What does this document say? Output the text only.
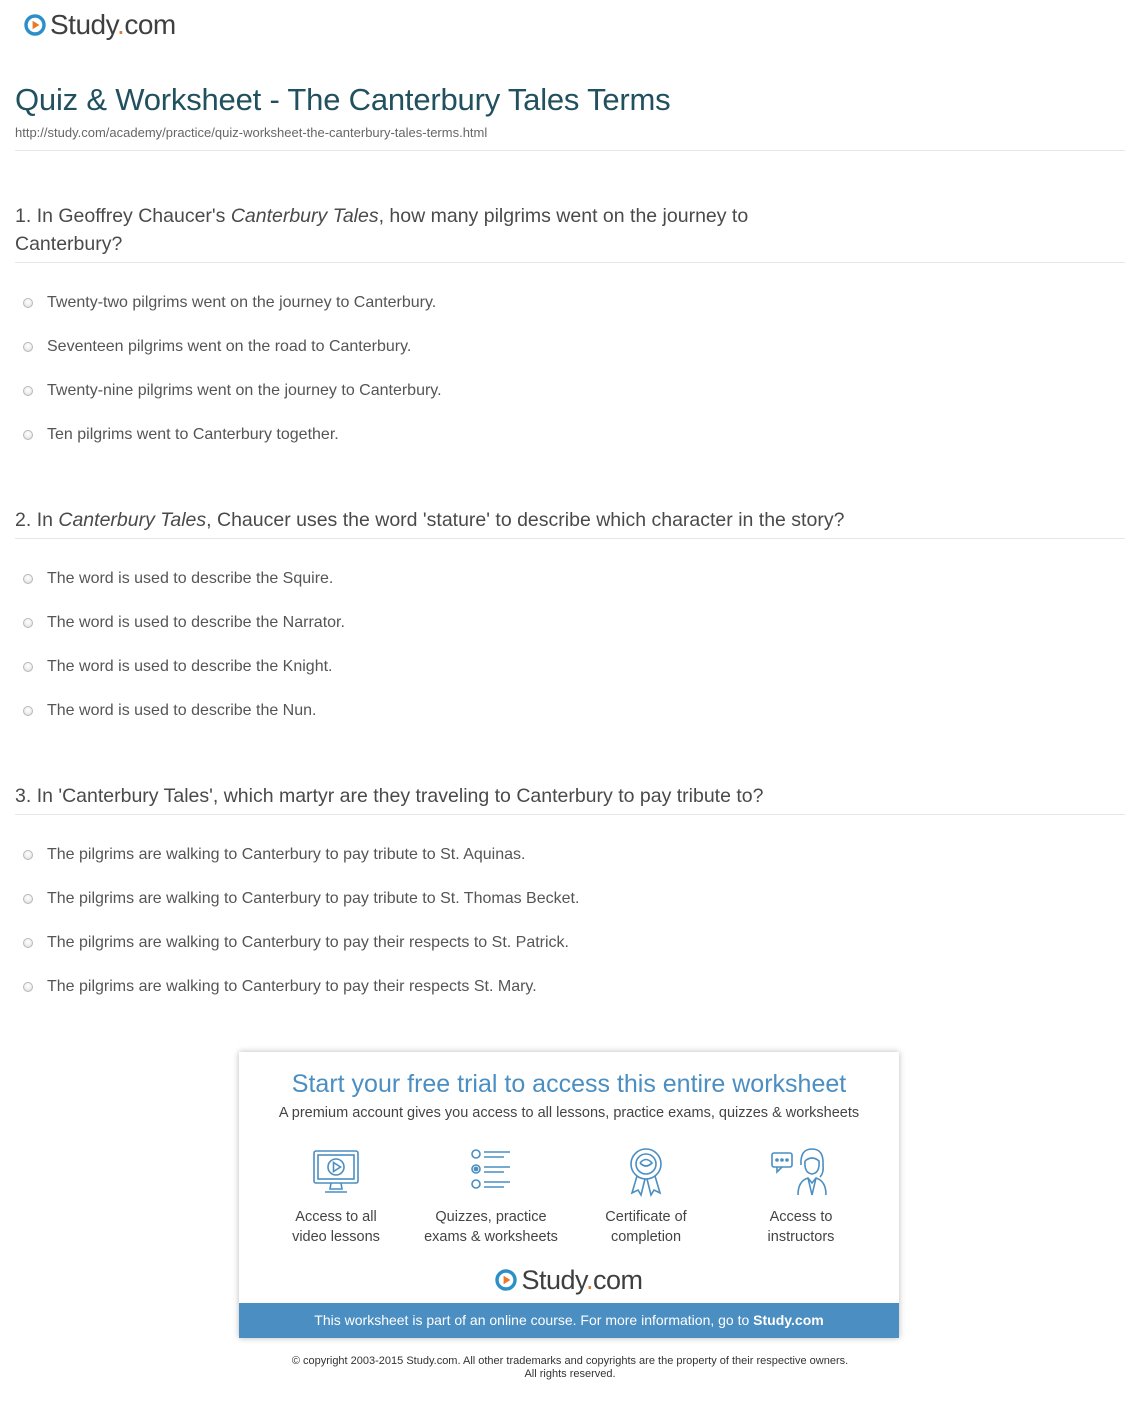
Study.com
Quiz & Worksheet - The Canterbury Tales Terms
http://study.com/academy/practice/quiz-worksheet-the-canterbury-tales-terms.html
1. In Geoffrey Chaucer's Canterbury Tales, how many pilgrims went on the journey to Canterbury?
Twenty-two pilgrims went on the journey to Canterbury.
Seventeen pilgrims went on the road to Canterbury.
Twenty-nine pilgrims went on the journey to Canterbury.
Ten pilgrims went to Canterbury together.
2. In Canterbury Tales, Chaucer uses the word 'stature' to describe which character in the story?
The word is used to describe the Squire.
The word is used to describe the Narrator.
The word is used to describe the Knight.
The word is used to describe the Nun.
3. In 'Canterbury Tales', which martyr are they traveling to Canterbury to pay tribute to?
The pilgrims are walking to Canterbury to pay tribute to St. Aquinas.
The pilgrims are walking to Canterbury to pay tribute to St. Thomas Becket.
The pilgrims are walking to Canterbury to pay their respects to St. Patrick.
The pilgrims are walking to Canterbury to pay their respects St. Mary.
Start your free trial to access this entire worksheet
A premium account gives you access to all lessons, practice exams, quizzes & worksheets
Access to all
video lessons
Quizzes, practice
exams & worksheets
Certificate of
completion
Access to
instructors
Study.com
This worksheet is part of an online course. For more information, go to Study.com
© copyright 2003-2015 Study.com. All other trademarks and copyrights are the property of their respective owners.
All rights reserved.
